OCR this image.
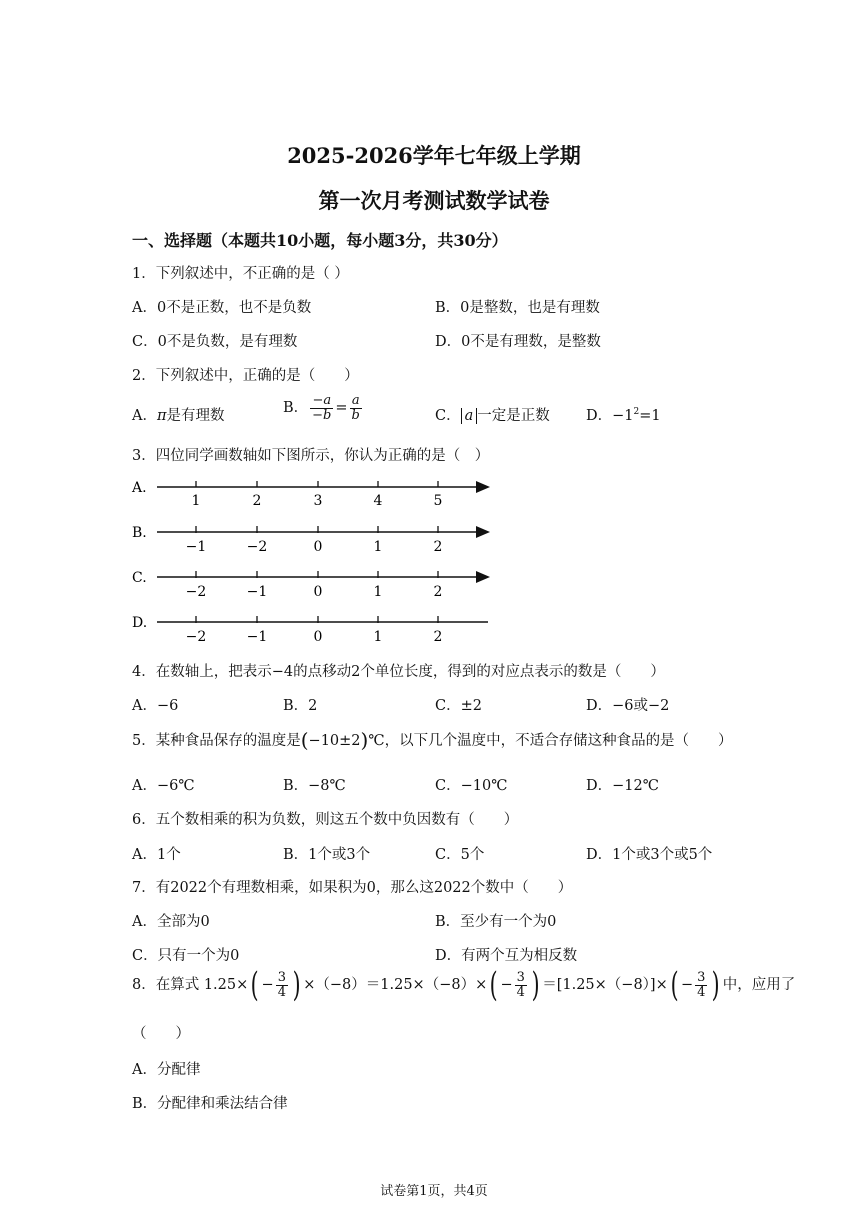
2025-2026学年七年级上学期
第一次月考测试数学试卷
一、选择题（本题共10小题，每小题3分，共30分）
1．下列叙述中，不正确的是（ ）
A．0不是正数，也不是负数	B．0是整数，也是有理数
C．0不是负数，是有理数	D．0不是有理数，是整数
2．下列叙述中，正确的是（　　）
A．π是有理数	B． $\frac{-a}{-b} = \frac{a}{b}$	C． a 一定是正数 D．$-1^2=1$
3．四位同学画数轴如下图所示，你认为正确的是（　）
A.
1	2	3	4	5
B.
−1	−2	0	1	2
C.
−2	−1	0	1	2
D.
−2	−1	0	1	2
4．在数轴上，把表示−4的点移动2个单位长度，得到的对应点表示的数是（　　）
A．−6	B．2	C．±2	D．−6或−2
5．某种食品保存的温度是(−10±2)℃，以下几个温度中，不适合存储这种食品的是（　　）
A．−6℃	B．−8℃	C．−10℃	D．−12℃
6．五个数相乘的积为负数，则这五个数中负因数有（　　）
A．1个	B．1个或3个	C．5个	D．1个或3个或5个
7．有2022个有理数相乘，如果积为0，那么这2022个数中（　　）
A．全部为0	B．至少有一个为0
C．只有一个为0	D．有两个互为相反数
8．在算式 $1.25\times( - \frac{3}{4}$ ) $\times(-8)=1.25\times(-8)\times( - \frac{3}{4}$ ) $=[1.25\times(-8)]\times( - \frac{3}{4}$ ) 中，应用了
（　　）
A．分配律
B．分配律和乘法结合律
试卷第1页，共4页
